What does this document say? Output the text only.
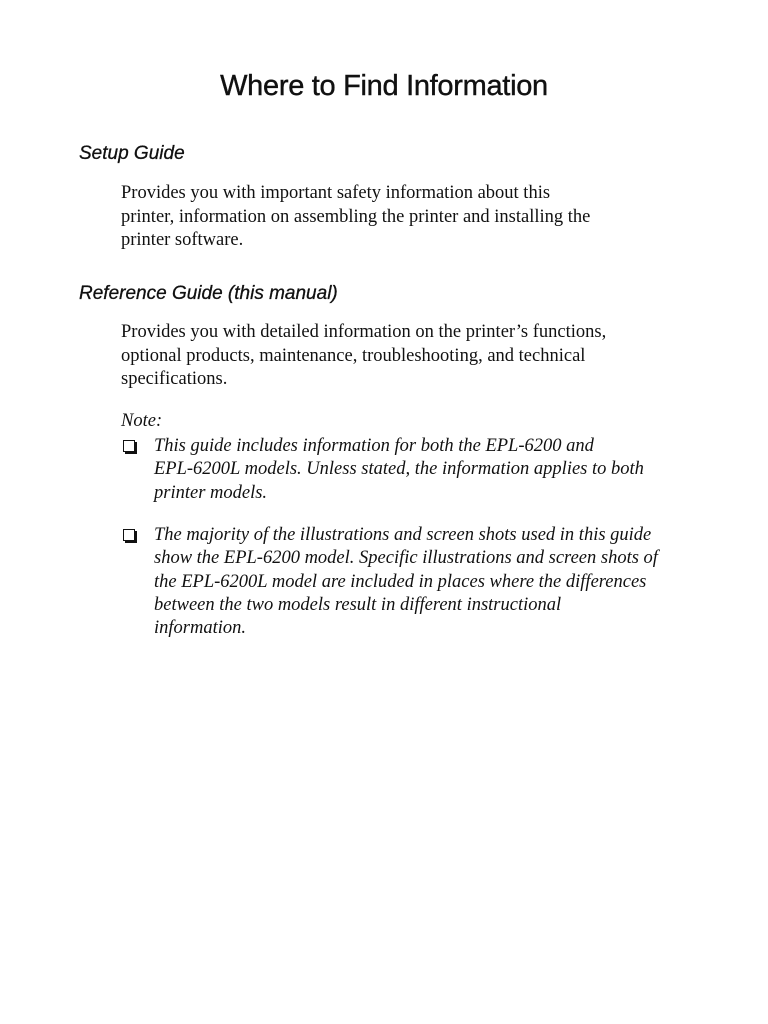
Where to Find Information
Setup Guide

Provides you with important safety information about this
printer, information on assembling the printer and installing the
printer software.

Reference Guide (this manual)

Provides you with detailed information on the printer’s functions,
optional products, maintenance, troubleshooting, and technical
specifications.

Note:

This guide includes information for both the EPL-6200 and
EPL-6200L models. Unless stated, the information applies to both
printer models.

The majority of the illustrations and screen shots used in this guide
show the EPL-6200 model. Specific illustrations and screen shots of
the EPL-6200L model are included in places where the differences
between the two models result in different instructional
information.
